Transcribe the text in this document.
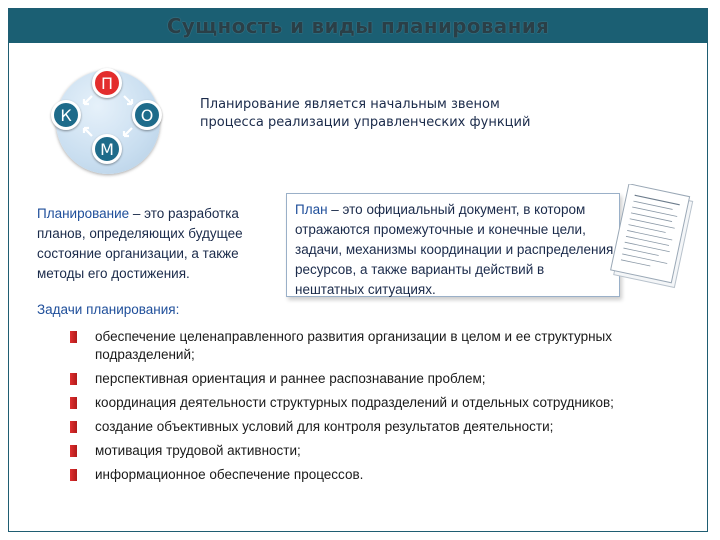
Сущность и виды планирования
П
К	О
М
Планирование является начальным звеном процесса реализации управленческих функций
Планирование – это разработка планов, определяющих будущее состояние организации, а также методы его достижения.
План – это официальный документ, в котором отражаются промежуточные и конечные цели, задачи, механизмы координации и распределения ресурсов, а также варианты действий в нештатных ситуациях.
Задачи планирования:
обеспечение целенаправленного развития организации в целом и ее структурных подразделений;
перспективная ориентация и раннее распознавание проблем;
координация деятельности структурных подразделений и отдельных сотрудников;
создание объективных условий для контроля результатов деятельности;
мотивация трудовой активности;
информационное обеспечение процессов.
